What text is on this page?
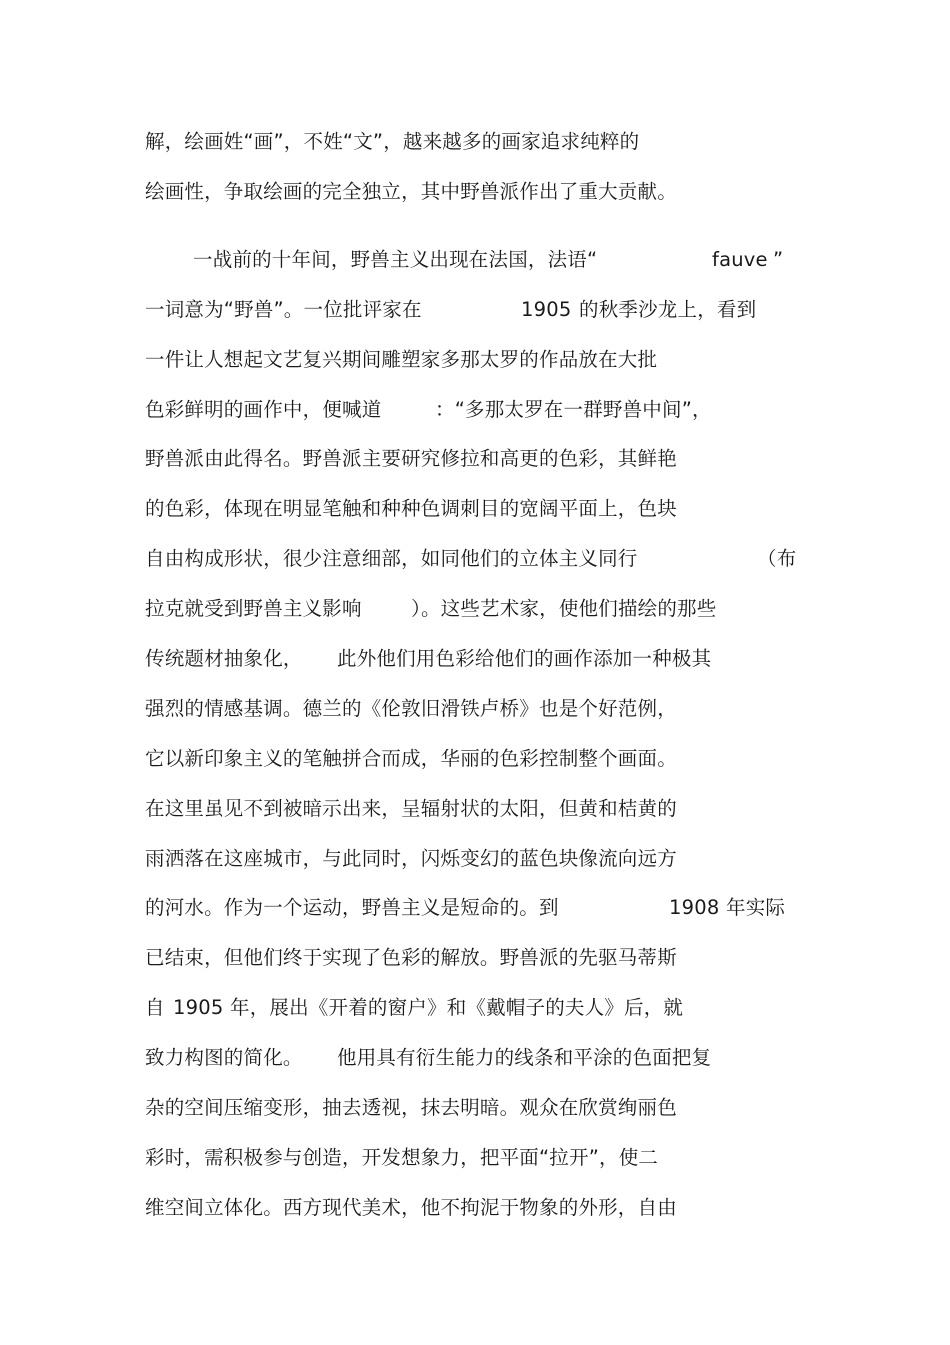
解，绘画姓“画”，不姓“文”，越来越多的画家追求纯粹的

绘画性，争取绘画的完全独立，其中野兽派作出了重大贡献。

一战前的十年间，野兽主义出现在法国，法语“

	fauve

”

一词意为“野兽”。一位批评家在

	1905

的秋季沙龙上，看到

一件让人想起文艺复兴期间雕塑家多那太罗的作品放在大批

色彩鲜明的画作中，便喊道

	：“多那太罗在一群野兽中间”，

野兽派由此得名。野兽派主要研究修拉和高更的色彩，其鲜艳

的色彩，体现在明显笔触和种种色调刺目的宽阔平面上，色块

自由构成形状，很少注意细部，如同他们的立体主义同行

	（布

拉克就受到野兽主义影响

	）。这些艺术家，使他们描绘的那些

传统题材抽象化，

此外他们用色彩给他们的画作添加一种极其

强烈的情感基调。德兰的《伦敦旧滑铁卢桥》也是个好范例，

它以新印象主义的笔触拼合而成，华丽的色彩控制整个画面。

在这里虽见不到被暗示出来，呈辐射状的太阳，但黄和桔黄的

雨洒落在这座城市，与此同时，闪烁变幻的蓝色块像流向远方

的河水。作为一个运动，野兽主义是短命的。到

	1908

年实际

已结束，但他们终于实现了色彩的解放。野兽派的先驱马蒂斯

自

1905

年，展出《开着的窗户》和《戴帽子的夫人》后，就

致力构图的简化。

他用具有衍生能力的线条和平涂的色面把复

杂的空间压缩变形，抽去透视，抹去明暗。观众在欣赏绚丽色

彩时，需积极参与创造，开发想象力，把平面“拉开”，使二

维空间立体化。西方现代美术，他不拘泥于物象的外形，自由
